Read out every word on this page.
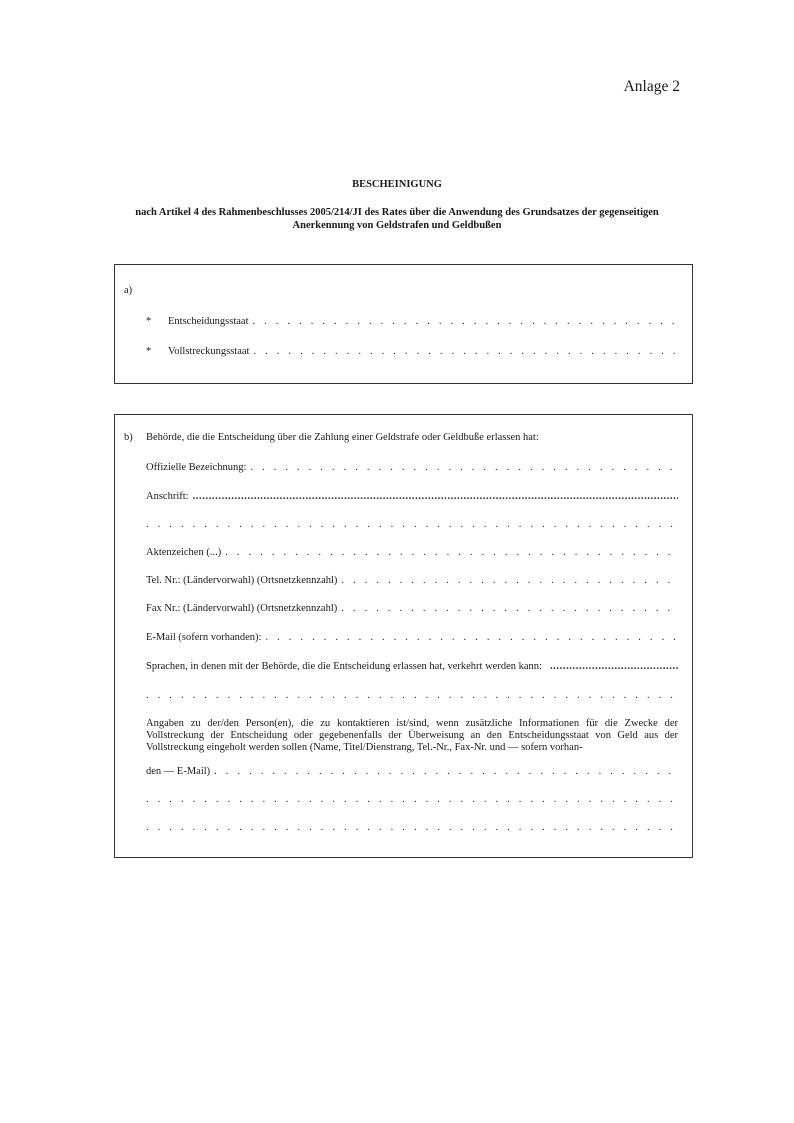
Anlage 2
BESCHEINIGUNG
nach Artikel 4 des Rahmenbeschlusses 2005/214/JI des Rates über die Anwendung des Grundsatzes der gegenseitigen Anerkennung von Geldstrafen und Geldbußen
a)
* Entscheidungsstaat
. . .
* Vollstreckungsstaat
. . .
b) Behörde, die die Entscheidung über die Zahlung einer Geldstrafe oder Geldbuße erlassen hat:
Offizielle Bezeichnung:
. . .
Anschrift:
.....
. . .
Aktenzeichen (...)
. . .
Tel. Nr.: (Ländervorwahl) (Ortsnetzkennzahl)
. . .
Fax Nr.: (Ländervorwahl) (Ortsnetzkennzahl)
. . .
E-Mail (sofern vorhanden):
. . .
Sprachen, in denen mit der Behörde, die die Entscheidung erlassen hat, verkehrt werden kann:
.....
. . .
Angaben zu der/den Person(en), die zu kontaktieren ist/sind, wenn zusätzliche Informationen für die Zwecke der Vollstreckung der Entscheidung oder gegebenenfalls der Überweisung an den Entscheidungsstaat von Geld aus der Vollstreckung eingeholt werden sollen (Name, Titel/Dienstrang, Tel.-Nr., Fax-Nr. und — sofern vorhan-
den — E-Mail)
. . .
. . .
. . .
